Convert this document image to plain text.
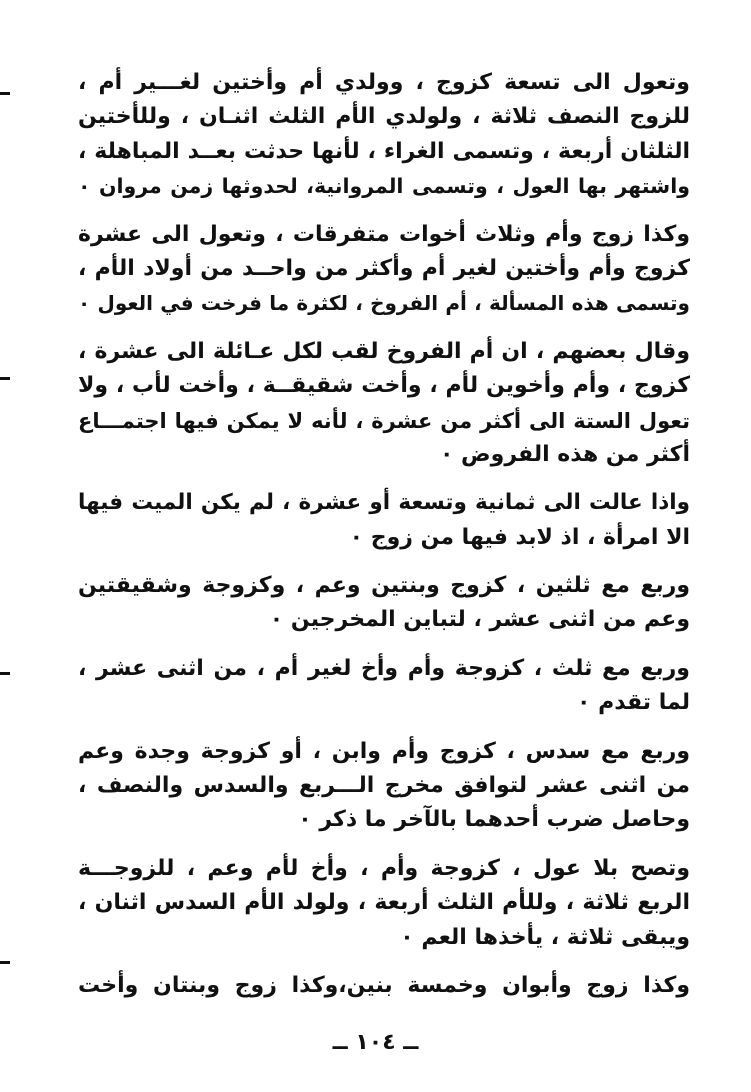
وتعول الى تسعة كزوج ، وولدي أم وأختين لغـــير أم ،
للزوج النصف ثلاثة ، ولولدي الأم الثلث اثنـان ، وللأختين
الثلثان أربعة ، وتسمى الغراء ، لأنها حدثت بعــد المباهلة ،
واشتهر بها العول ، وتسمى المروانية، لحدوثها زمن مروان ٠
وكذا زوج وأم وثلاث أخوات متفرقات ، وتعول الى عشرة
كزوج وأم وأختين لغير أم وأكثر من واحــد من أولاد الأم ،
وتسمى هذه المسألة ، أم الفروخ ، لكثرة ما فرخت في العول ٠
وقال بعضهم ، ان أم الفروخ لقب لكل عـائلة الى عشرة ،
كزوج ، وأم وأخوين لأم ، وأخت شقيقــة ، وأخت لأب ، ولا
تعول الستة الى أكثر من عشرة ، لأنه لا يمكن فيها اجتمـــاع
أكثر من هذه الفروض ٠
واذا عالت الى ثمانية وتسعة أو عشرة ، لم يكن الميت فيها
الا امرأة ، اذ لابد فيها من زوج ٠
وربع مع ثلثين ، كزوج وبنتين وعم ، وكزوجة وشقيقتين
وعم من اثنى عشر ، لتباين المخرجين ٠
وربع مع ثلث ، كزوجة وأم وأخ لغير أم ، من اثنى عشر ،
لما تقدم ٠
وربع مع سدس ، كزوج وأم وابن ، أو كزوجة وجدة وعم
من اثنى عشر لتوافق مخرج الـــربع والسدس والنصف ،
وحاصل ضرب أحدهما بالآخر ما ذكر ٠
وتصح بلا عول ، كزوجة وأم ، وأخ لأم وعم ، للزوجـــة
الربع ثلاثة ، وللأم الثلث أربعة ، ولولد الأم السدس اثنان ،
ويبقى ثلاثة ، يأخذها العم ٠
وكذا زوج وأبوان وخمسة بنين،وكذا زوج وبنتان وأخت
ــ ١٠٤ ــ
